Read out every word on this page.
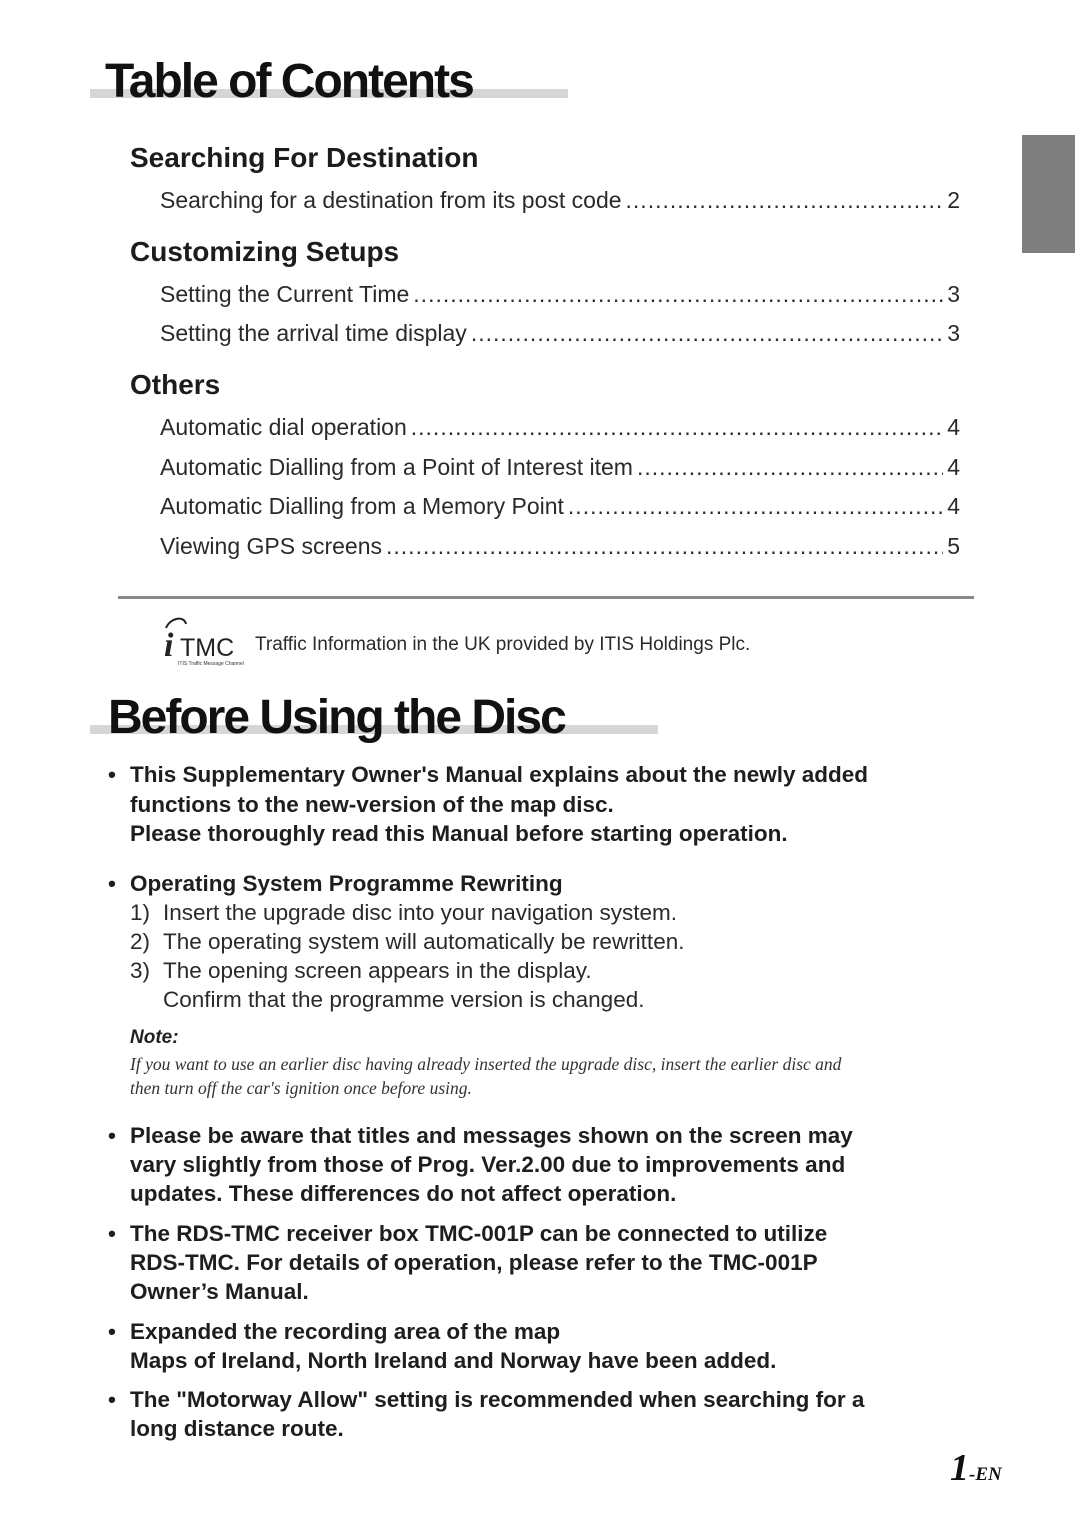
Table of Contents
Searching For Destination
Searching for a destination from its post code .....	2
Customizing Setups
Setting the Current Time .....	3
Setting the arrival time display .....	3
Others
Automatic dial operation .....	4
Automatic Dialling from a Point of Interest item .....	4
Automatic Dialling from a Memory Point .....	4
Viewing GPS screens .....	5
i TMC
ITIS Traffic Message Channel
Traffic Information in the UK provided by ITIS Holdings Plc.
Before Using the Disc
• This Supplementary Owner's Manual explains about the newly added
functions to the new-version of the map disc.
Please thoroughly read this Manual before starting operation.
• Operating System Programme Rewriting
1) Insert the upgrade disc into your navigation system.
2) The operating system will automatically be rewritten.
3) The opening screen appears in the display.
Confirm that the programme version is changed.
Note:
If you want to use an earlier disc having already inserted the upgrade disc, insert the earlier disc and
then turn off the car's ignition once before using.
• Please be aware that titles and messages shown on the screen may
vary slightly from those of Prog. Ver.2.00 due to improvements and
updates. These differences do not affect operation.
• The RDS-TMC receiver box TMC-001P can be connected to utilize
RDS-TMC. For details of operation, please refer to the TMC-001P
Owner’s Manual.
• Expanded the recording area of the map
Maps of Ireland, North Ireland and Norway have been added.
• The "Motorway Allow" setting is recommended when searching for a
long distance route.
1-EN
